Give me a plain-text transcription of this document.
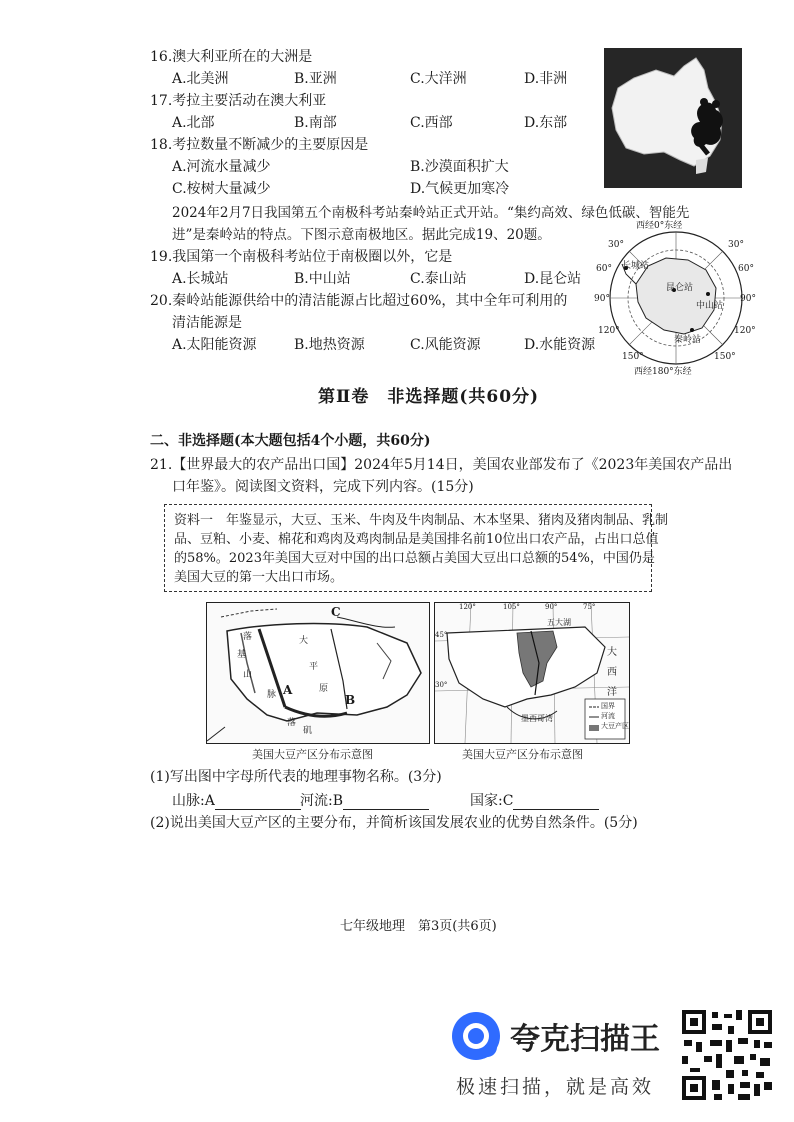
16.澳大利亚所在的大洲是
A.北美洲	B.亚洲	C.大洋洲	D.非洲
17.考拉主要活动在澳大利亚
A.北部	B.南部	C.西部	D.东部
18.考拉数量不断减少的主要原因是
A.河流水量减少	B.沙漠面积扩大
C.桉树大量减少	D.气候更加寒冷
2024年2月7日我国第五个南极科考站秦岭站正式开站。“集约高效、绿色低碳、智能先
进”是秦岭站的特点。下图示意南极地区。据此完成19、20题。
西经0°东经
西经180°东经
30°	30°
60°	60°
90°	90°
120°	120°
150°	150°
长城站
昆仑站
中山站
秦岭站
19.我国第一个南极科考站位于南极圈以外，它是
A.长城站	B.中山站	C.泰山站	D.昆仑站
20.秦岭站能源供给中的清洁能源占比超过60%，其中全年可利用的
清洁能源是
A.太阳能资源	B.地热资源	C.风能资源	D.水能资源
第Ⅱ卷　非选择题(共60分)
二、非选择题(本大题包括4个小题，共60分)
21.【世界最大的农产品出口国】2024年5月14日，美国农业部发布了《2023年美国农产品出
口年鉴》。阅读图文资料，完成下列内容。(15分)
资料一　年鉴显示，大豆、玉米、牛肉及牛肉制品、木本坚果、猪肉及猪肉制品、乳制
品、豆粕、小麦、棉花和鸡肉及鸡肉制品是美国排名前10位出口农产品，占出口总值
的58%。2023年美国大豆对中国的出口总额占美国大豆出口总额的54%，中国仍是
美国大豆的第一大出口市场。
A
B
C
落
基
山
脉
大
平
原
落
矶
美国大豆产区分布示意图
大
西
洋
墨西哥湾
五大湖
国界
河流
大豆产区
120°	105°	90°	75°
45°
30°
美国大豆产区分布示意图
(1)写出图中字母所代表的地理事物名称。(3分)
山脉:A	河流:B	国家:C
(2)说出美国大豆产区的主要分布，并简析该国发展农业的优势自然条件。(5分)
七年级地理　第3页(共6页)
夸克扫描王
极速扫描，就是高效
